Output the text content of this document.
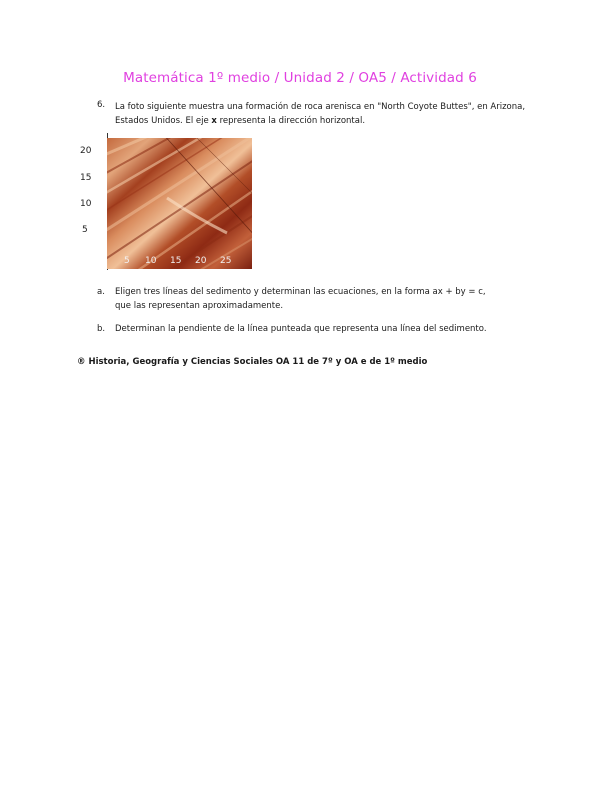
Matemática 1º medio / Unidad 2 / OA5 / Actividad 6
6. La foto siguiente muestra una formación de roca arenisca en "North Coyote Buttes", en Arizona, Estados Unidos. El eje x representa la dirección horizontal.
20
15
10
5
5 10 15 20 25
a. Eligen tres líneas del sedimento y determinan las ecuaciones, en la forma ax + by = c,
que las representan aproximadamente.
b. Determinan la pendiente de la línea punteada que representa una línea del sedimento.
® Historia, Geografía y Ciencias Sociales OA 11 de 7º y OA e de 1º medio
